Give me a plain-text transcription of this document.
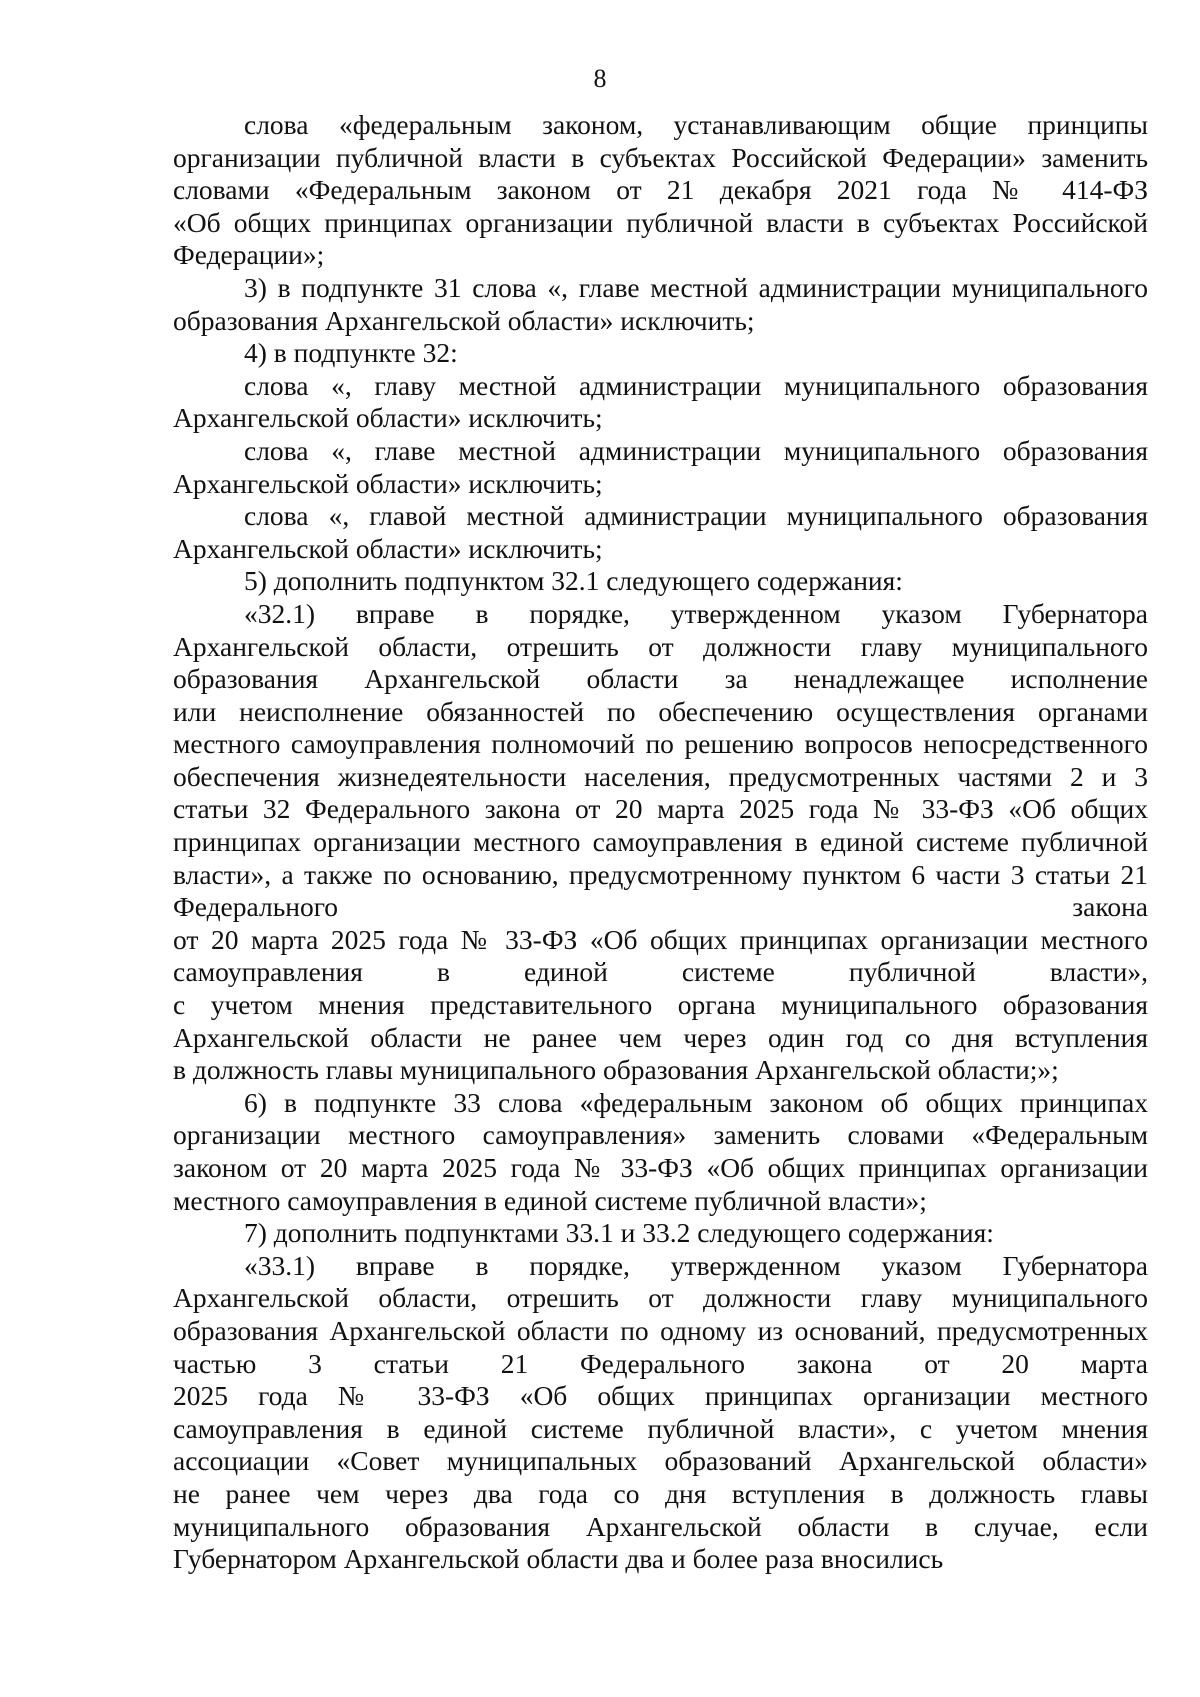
8
слова «федеральным законом, устанавливающим общие принципы
организации публичной власти в субъектах Российской Федерации» заменить
словами «Федеральным законом от 21 декабря 2021 года № 414-ФЗ
«Об общих принципах организации публичной власти в субъектах Российской
Федерации»;
3) в подпункте 31 слова «, главе местной администрации муниципального
образования Архангельской области» исключить;
4) в подпункте 32:
слова «, главу местной администрации муниципального образования
Архангельской области» исключить;
слова «, главе местной администрации муниципального образования
Архангельской области» исключить;
слова «, главой местной администрации муниципального образования
Архангельской области» исключить;
5) дополнить подпунктом 32.1 следующего содержания:
«32.1) вправе в порядке, утвержденном указом Губернатора
Архангельской области, отрешить от должности главу муниципального
образования Архангельской области за ненадлежащее исполнение
или неисполнение обязанностей по обеспечению осуществления органами
местного самоуправления полномочий по решению вопросов непосредственного
обеспечения жизнедеятельности населения, предусмотренных частями 2 и 3
статьи 32 Федерального закона от 20 марта 2025 года № 33-ФЗ «Об общих
принципах организации местного самоуправления в единой системе публичной
власти», а также по основанию, предусмотренному пунктом 6 части 3 статьи 21
Федерального закона
от 20 марта 2025 года № 33-ФЗ «Об общих принципах организации местного
самоуправления в единой системе публичной власти»,
с учетом мнения представительного органа муниципального образования
Архангельской области не ранее чем через один год со дня вступления
в должность главы муниципального образования Архангельской области;»;
6) в подпункте 33 слова «федеральным законом об общих принципах
организации местного самоуправления» заменить словами «Федеральным
законом от 20 марта 2025 года № 33-ФЗ «Об общих принципах организации
местного самоуправления в единой системе публичной власти»;
7) дополнить подпунктами 33.1 и 33.2 следующего содержания:
«33.1) вправе в порядке, утвержденном указом Губернатора
Архангельской области, отрешить от должности главу муниципального
образования Архангельской области по одному из оснований, предусмотренных
частью 3 статьи 21 Федерального закона от 20 марта
2025 года № 33-ФЗ «Об общих принципах организации местного
самоуправления в единой системе публичной власти», с учетом мнения
ассоциации «Совет муниципальных образований Архангельской области»
не ранее чем через два года со дня вступления в должность главы
муниципального образования Архангельской области в случае, если
Губернатором Архангельской области два и более раза вносились
